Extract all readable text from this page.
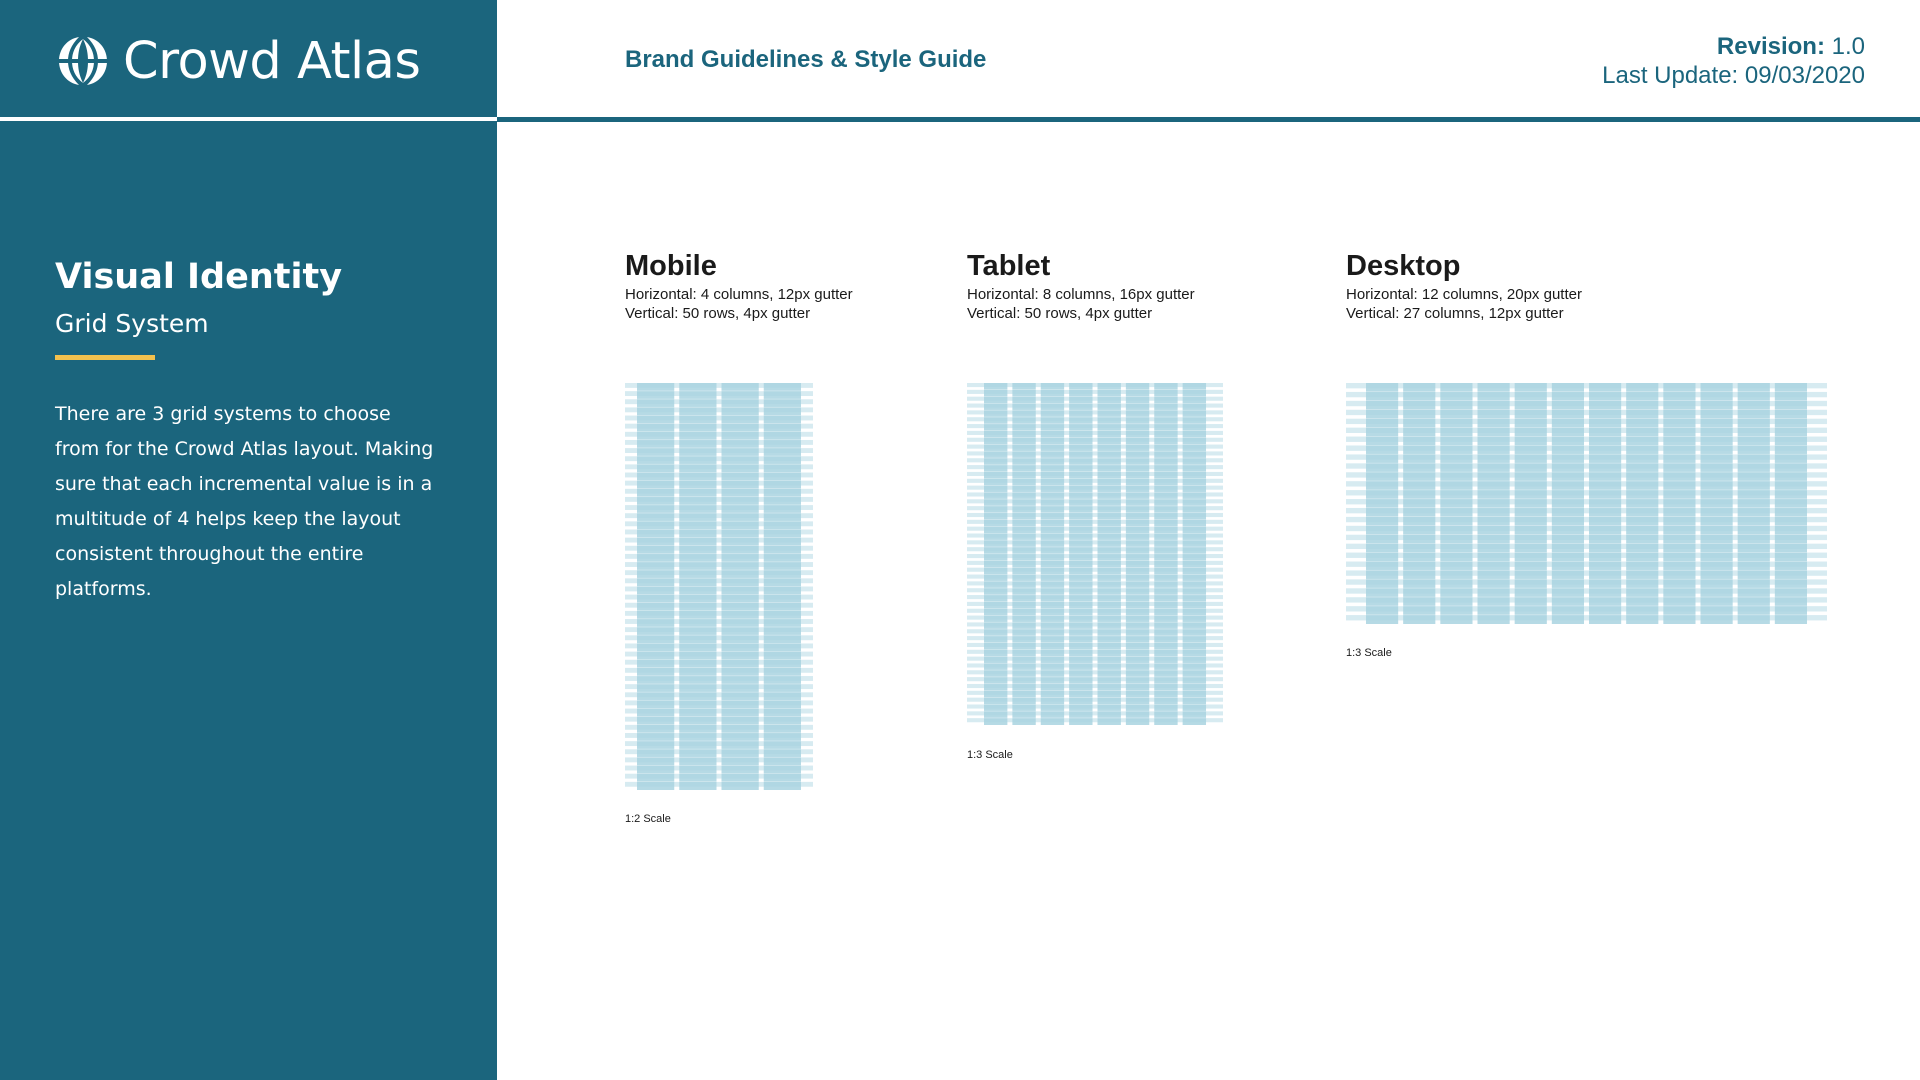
Crowd Atlas
Visual Identity
Grid System

There are 3 grid systems to choose from for the Crowd Atlas layout. Making sure that each incremental value is in a multitude of 4 helps keep the layout consistent throughout the entire platforms.

Brand Guidelines & Style Guide	Revision: 1.0
Last Update: 09/03/2020
Mobile
Horizontal: 4 columns, 12px gutter
Vertical: 50 rows, 4px gutter
1:2 Scale
Tablet
Horizontal: 8 columns, 16px gutter
Vertical: 50 rows, 4px gutter
1:3 Scale
Desktop
Horizontal: 12 columns, 20px gutter
Vertical: 27 columns, 12px gutter
1:3 Scale
